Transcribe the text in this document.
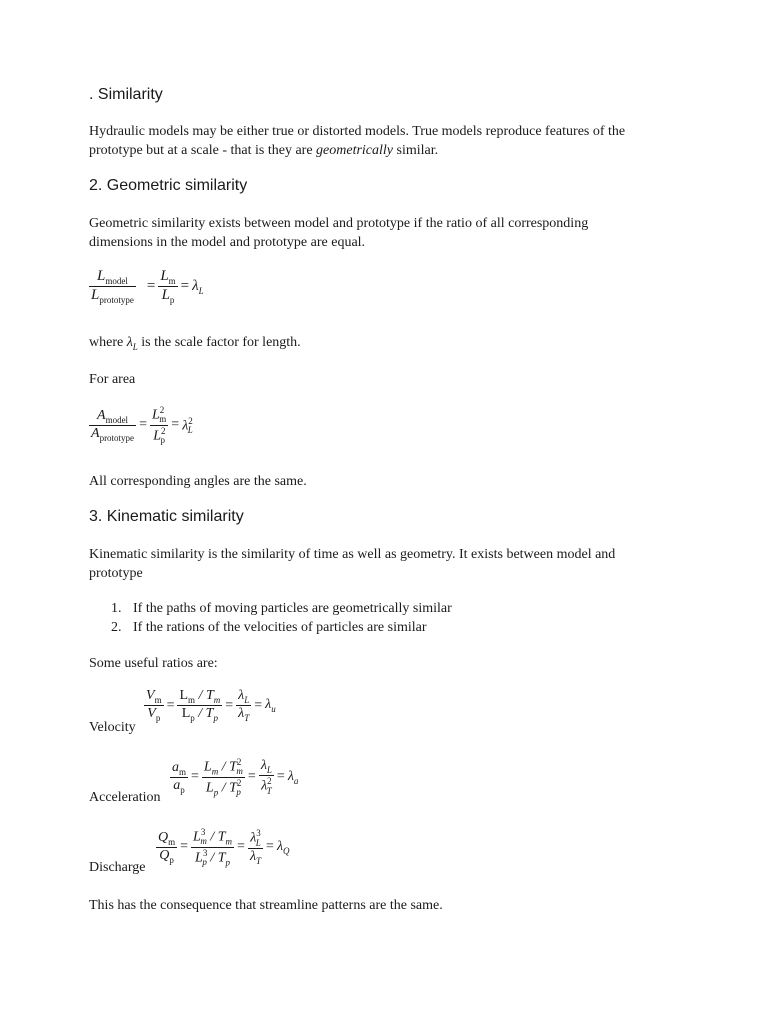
. Similarity
Hydraulic models may be either true or distorted models. True models reproduce features of the
prototype but at a scale - that is they are geometrically similar.
2. Geometric similarity
Geometric similarity exists between model and prototype if the ratio of all corresponding
dimensions in the model and prototype are equal.
$\frac{L_{model}}{L_{prototype}} = \frac{L_m}{L_p} = \lambda_L$
where $\lambda_L$ is the scale factor for length.
For area
$\frac{A_{model}}{A_{prototype}} = \frac{L^2_m}{L^2_p} = \lambda^2_L$
All corresponding angles are the same.
3. Kinematic similarity
Kinematic similarity is the similarity of time as well as geometry. It exists between model and
prototype
1. If the paths of moving particles are geometrically similar
2. If the rations of the velocities of particles are similar
Some useful ratios are:
Velocity
$\frac{V_m}{V_p} = \frac{L_m / T_m}{L_p / T_p} = \frac{\lambda_L}{\lambda_T} = \lambda_u$
Acceleration
$\frac{a_m}{a_p} = \frac{L_m / T^2_m}{L_p / T^2_p} = \frac{\lambda_L}{\lambda^2_T} = \lambda_a$
Discharge
$\frac{Q_m}{Q_p} = \frac{L^3_m / T_m}{L^3_p / T_p} = \frac{\lambda^3_L}{\lambda_T} = \lambda_Q$
This has the consequence that streamline patterns are the same.
